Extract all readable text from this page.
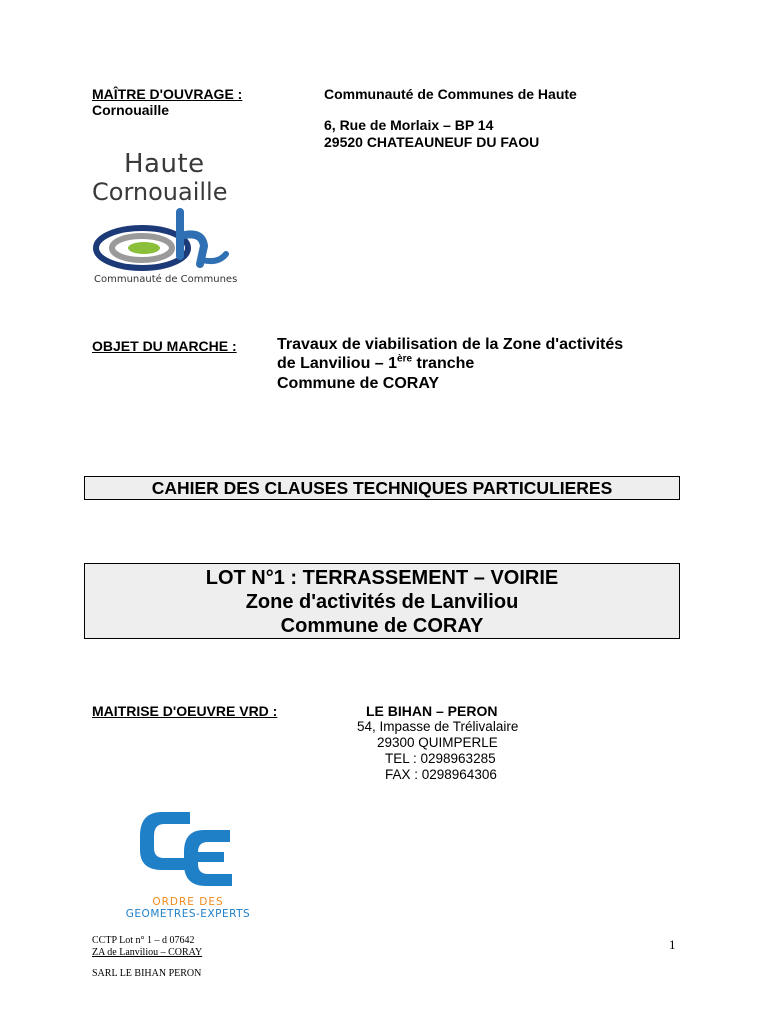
MAÎTRE D'OUVRAGE :
Cornouaille
Communauté de Communes de Haute
6, Rue de Morlaix – BP 14
29520 CHATEAUNEUF DU FAOU
Haute
Cornouaille
Communauté de Communes
OBJET DU MARCHE :	Travaux de viabilisation de la Zone d'activités
de Lanviliou – 1ère tranche
Commune de CORAY
CAHIER DES CLAUSES TECHNIQUES PARTICULIERES
LOT N°1 : TERRASSEMENT – VOIRIE
Zone d'activités de Lanviliou
Commune de CORAY
MAITRISE D'OEUVRE VRD :	LE BIHAN – PERON
54, Impasse de Trélivalaire
29300 QUIMPERLE
TEL : 0298963285
FAX : 0298964306
ORDRE DES
GEOMETRES-EXPERTS
CCTP Lot n° 1 – d 07642
ZA de Lanviliou – CORAY
SARL LE BIHAN PERON
1
